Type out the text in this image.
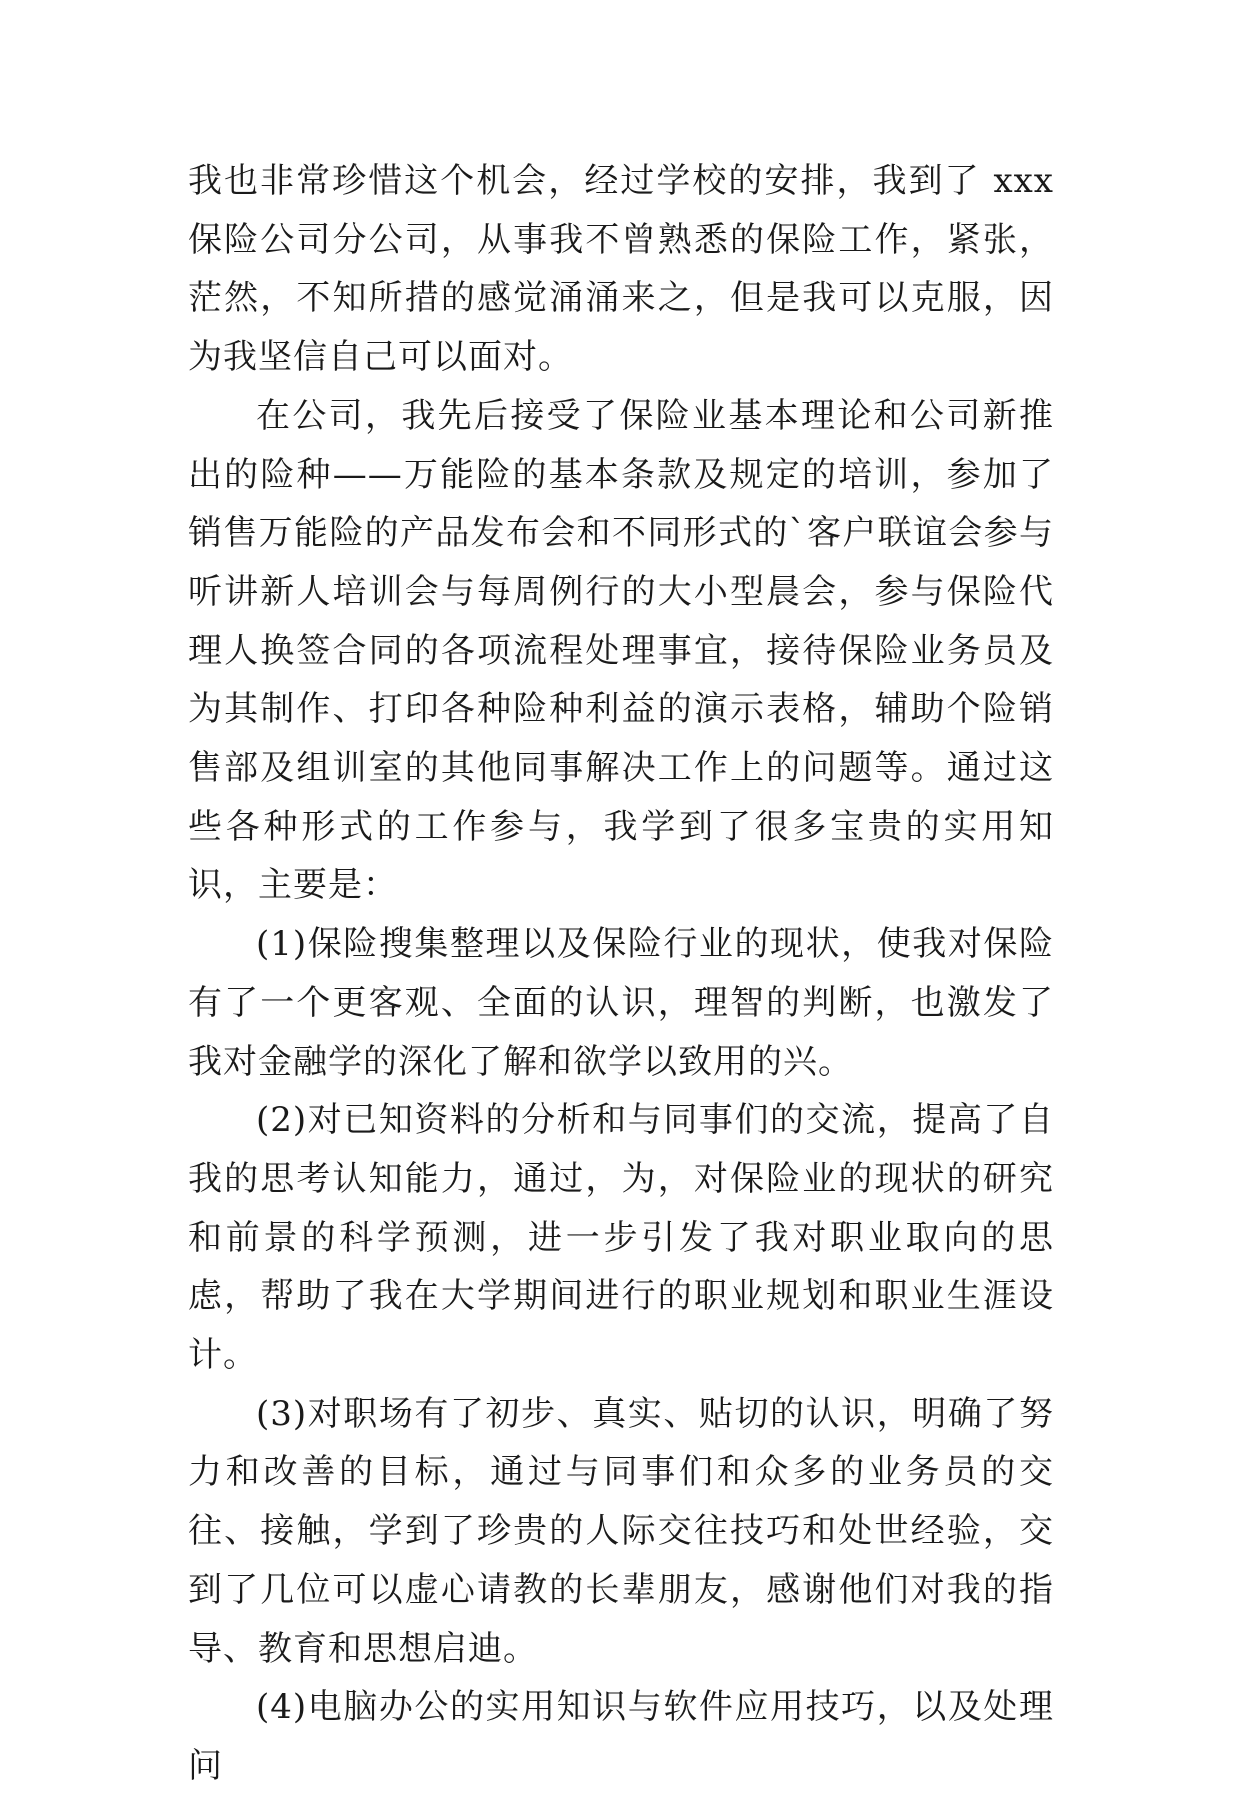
我也非常珍惜这个机会，经过学校的安排，我到了 xxx 保险公司分公司，从事我不曾熟悉的保险工作，紧张，茫然，不知所措的感觉涌涌来之，但是我可以克服，因为我坚信自己可以面对。

在公司，我先后接受了保险业基本理论和公司新推出的险种——万能险的基本条款及规定的培训，参加了销售万能险的产品发布会和不同形式的`客户联谊会参与听讲新人培训会与每周例行的大小型晨会，参与保险代理人换签合同的各项流程处理事宜，接待保险业务员及为其制作、打印各种险种利益的演示表格，辅助个险销售部及组训室的其他同事解决工作上的问题等。通过这些各种形式的工作参与，我学到了很多宝贵的实用知识，主要是：

(1)保险搜集整理以及保险行业的现状，使我对保险有了一个更客观、全面的认识，理智的判断，也激发了我对金融学的深化了解和欲学以致用的兴。

(2)对已知资料的分析和与同事们的交流，提高了自我的思考认知能力，通过，为，对保险业的现状的研究和前景的科学预测，进一步引发了我对职业取向的思虑，帮助了我在大学期间进行的职业规划和职业生涯设计。

(3)对职场有了初步、真实、贴切的认识，明确了努力和改善的目标，通过与同事们和众多的业务员的交往、接触，学到了珍贵的人际交往技巧和处世经验，交到了几位可以虚心请教的长辈朋友，感谢他们对我的指导、教育和思想启迪。

(4)电脑办公的实用知识与软件应用技巧，以及处理问
